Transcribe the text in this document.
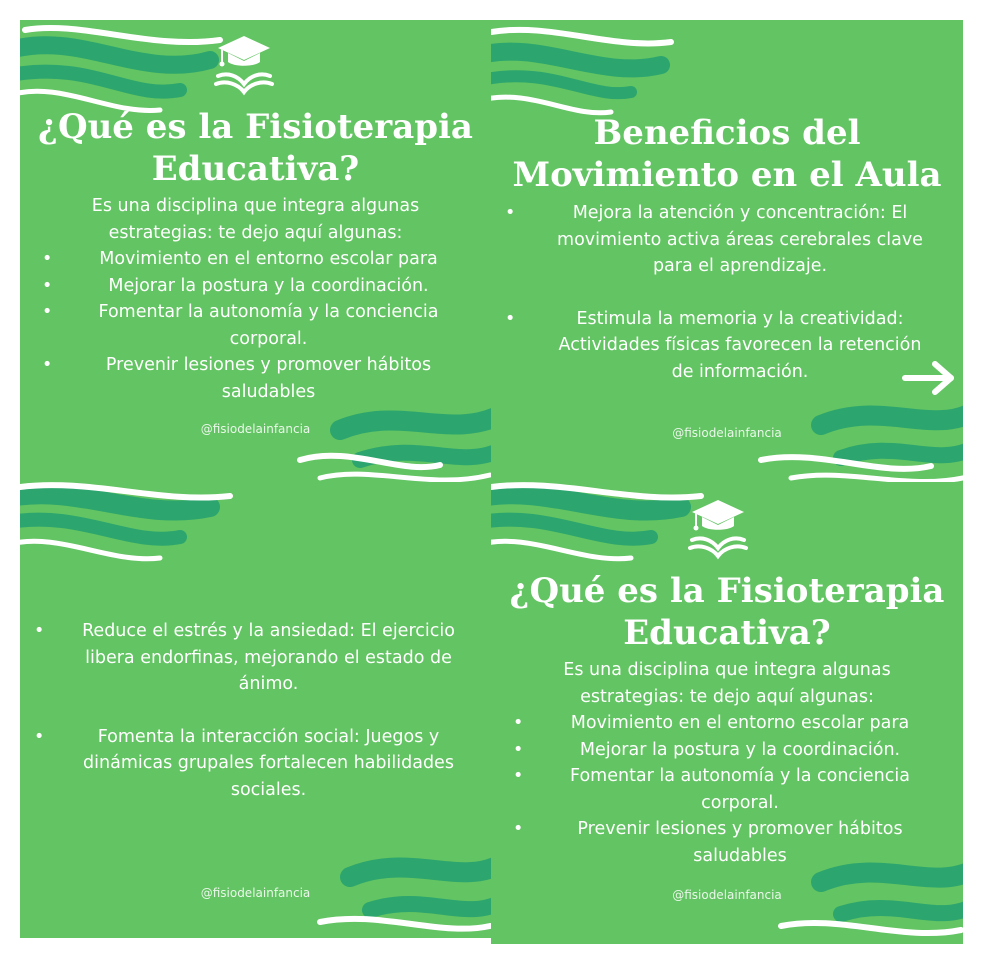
¿Qué es la Fisioterapia
Educativa?

Es una disciplina que integra algunas

estrategias: te dejo aquí algunas:

•	Movimiento en el entorno escolar para
•	Mejorar la postura y la coordinación.
•	Fomentar la autonomía y la conciencia
corporal.
•	Prevenir lesiones y promover hábitos
saludables
@fisiodelainfancia
Beneficios del
Movimiento en el Aula
•	Mejora la atención y concentración: El
movimiento activa áreas cerebrales clave
para el aprendizaje.
•	Estimula la memoria y la creatividad:
Actividades físicas favorecen la retención
de información.
@fisiodelainfancia
•	Reduce el estrés y la ansiedad: El ejercicio
libera endorfinas, mejorando el estado de
ánimo.
•	Fomenta la interacción social: Juegos y
dinámicas grupales fortalecen habilidades
sociales.
@fisiodelainfancia
¿Qué es la Fisioterapia
Educativa?

Es una disciplina que integra algunas

estrategias: te dejo aquí algunas:

•	Movimiento en el entorno escolar para
•	Mejorar la postura y la coordinación.
•	Fomentar la autonomía y la conciencia
corporal.
•	Prevenir lesiones y promover hábitos
saludables
@fisiodelainfancia
